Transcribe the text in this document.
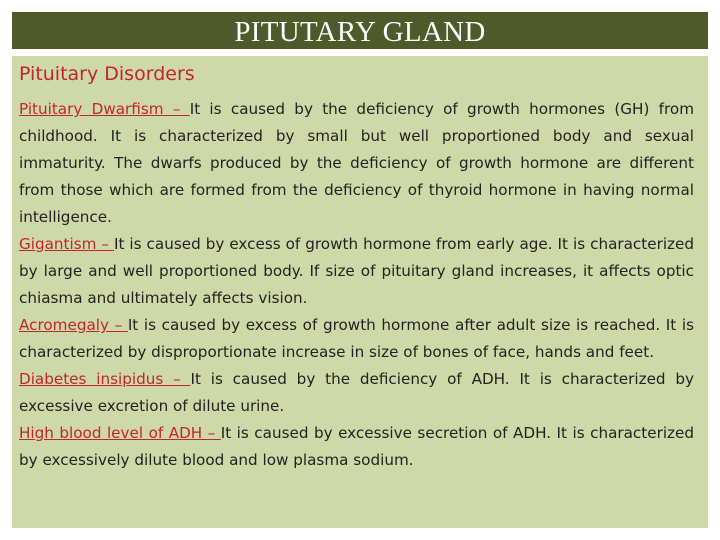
PITUTARY GLAND
Pituitary Disorders

Pituitary Dwarfism – It is caused by the deficiency of growth hormones (GH) from childhood. It is characterized by small but well proportioned body and sexual immaturity. The dwarfs produced by the deficiency of growth hormone are different from those which are formed from the deficiency of thyroid hormone in having normal intelligence.

Gigantism – It is caused by excess of growth hormone from early age. It is characterized by large and well proportioned body. If size of pituitary gland increases, it affects optic chiasma and ultimately affects vision.

Acromegaly – It is caused by excess of growth hormone after adult size is reached. It is characterized by disproportionate increase in size of bones of face, hands and feet.

Diabetes insipidus – It is caused by the deficiency of ADH. It is characterized by excessive excretion of dilute urine.

High blood level of ADH – It is caused by excessive secretion of ADH. It is characterized by excessively dilute blood and low plasma sodium.
